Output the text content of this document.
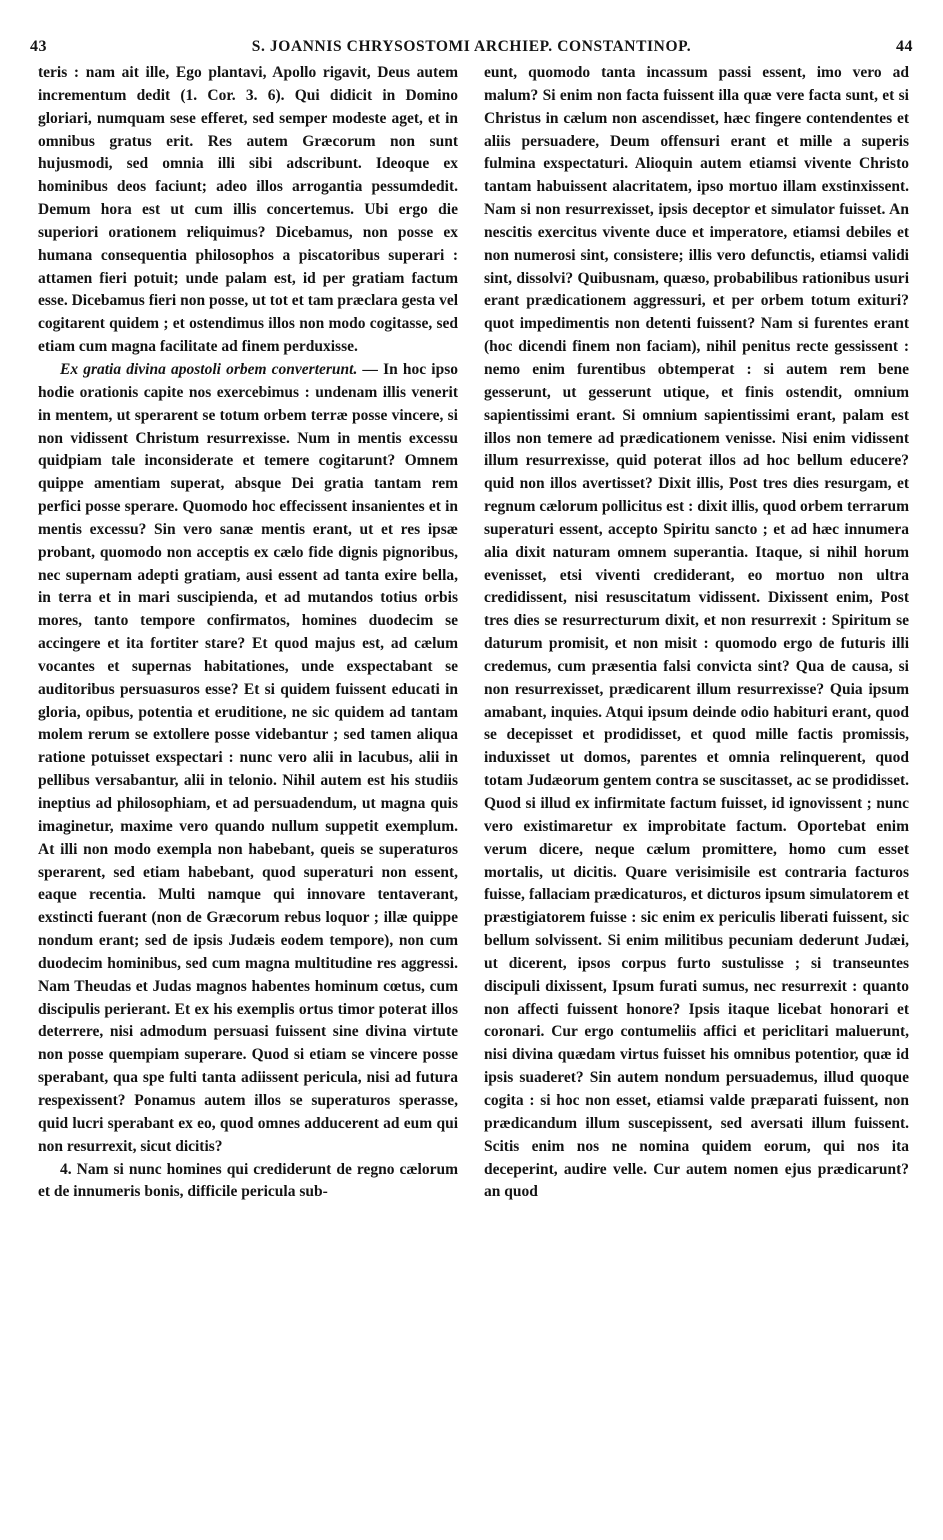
43	S. JOANNIS CHRYSOSTOMI ARCHIEP. CONSTANTINOP.	44

teris : nam ait ille, Ego plantavi, Apollo rigavit, Deus autem incrementum dedit (1. Cor. 3. 6). Qui didicit in Domino gloriari, numquam sese efferet, sed semper modeste aget, et in omnibus gratus erit. Res autem Græcorum non sunt hujusmodi, sed omnia illi sibi adscribunt. Ideoque ex hominibus deos faciunt; adeo illos arrogantia pessumdedit. Demum hora est ut cum illis concertemus. Ubi ergo die superiori orationem reliquimus? Dicebamus, non posse ex humana consequentia philosophos a piscatoribus superari : attamen fieri potuit; unde palam est, id per gratiam factum esse. Dicebamus fieri non posse, ut tot et tam præclara gesta vel cogitarent quidem ; et ostendimus illos non modo cogitasse, sed etiam cum magna facilitate ad finem perduxisse.

Ex gratia divina apostoli orbem converterunt. — In hoc ipso hodie orationis capite nos exercebimus : undenam illis venerit in mentem, ut sperarent se totum orbem terræ posse vincere, si non vidissent Christum resurrexisse. Num in mentis excessu quidpiam tale inconsiderate et temere cogitarunt? Omnem quippe amentiam superat, absque Dei gratia tantam rem perfici posse sperare. Quomodo hoc effecissent insanientes et in mentis excessu? Sin vero sanæ mentis erant, ut et res ipsæ probant, quomodo non acceptis ex cælo fide dignis pignoribus, nec supernam adepti gratiam, ausi essent ad tanta exire bella, in terra et in mari suscipienda, et ad mutandos totius orbis mores, tanto tempore confirmatos, homines duodecim se accingere et ita fortiter stare? Et quod majus est, ad cælum vocantes et supernas habitationes, unde exspectabant se auditoribus persuasuros esse? Et si quidem fuissent educati in gloria, opibus, potentia et eruditione, ne sic quidem ad tantam molem rerum se extollere posse videbantur ; sed tamen aliqua ratione potuisset exspectari : nunc vero alii in lacubus, alii in pellibus versabantur, alii in telonio. Nihil autem est his studiis ineptius ad philosophiam, et ad persuadendum, ut magna quis imaginetur, maxime vero quando nullum suppetit exemplum. At illi non modo exempla non habebant, queis se superaturos sperarent, sed etiam habebant, quod superaturi non essent, eaque recentia. Multi namque qui innovare tentaverant, exstincti fuerant (non de Græcorum rebus loquor ; illæ quippe nondum erant; sed de ipsis Judæis eodem tempore), non cum duodecim hominibus, sed cum magna multitudine res aggressi. Nam Theudas et Judas magnos habentes hominum cœtus, cum discipulis perierant. Et ex his exemplis ortus timor poterat illos deterrere, nisi admodum persuasi fuissent sine divina virtute non posse quempiam superare. Quod si etiam se vincere posse sperabant, qua spe fulti tanta adiissent pericula, nisi ad futura respexissent? Ponamus autem illos se superaturos sperasse, quid lucri sperabant ex eo, quod omnes adducerent ad eum qui non resurrexit, sicut dicitis?

4. Nam si nunc homines qui crediderunt de regno cælorum et de innumeris bonis, difficile pericula sub-

eunt, quomodo tanta incassum passi essent, imo vero ad malum? Si enim non facta fuissent illa quæ vere facta sunt, et si Christus in cælum non ascendisset, hæc fingere contendentes et aliis persuadere, Deum offensuri erant et mille a superis fulmina exspectaturi. Alioquin autem etiamsi vivente Christo tantam habuissent alacritatem, ipso mortuo illam exstinxissent. Nam si non resurrexisset, ipsis deceptor et simulator fuisset. An nescitis exercitus vivente duce et imperatore, etiamsi debiles et non numerosi sint, consistere; illis vero defunctis, etiamsi validi sint, dissolvi? Quibusnam, quæso, probabilibus rationibus usuri erant prædicationem aggressuri, et per orbem totum exituri? quot impedimentis non detenti fuissent? Nam si furentes erant (hoc dicendi finem non faciam), nihil penitus recte gessissent : nemo enim furentibus obtemperat : si autem rem bene gesserunt, ut gesserunt utique, et finis ostendit, omnium sapientissimi erant. Si omnium sapientissimi erant, palam est illos non temere ad prædicationem venisse. Nisi enim vidissent illum resurrexisse, quid poterat illos ad hoc bellum educere? quid non illos avertisset? Dixit illis, Post tres dies resurgam, et regnum cælorum pollicitus est : dixit illis, quod orbem terrarum superaturi essent, accepto Spiritu sancto ; et ad hæc innumera alia dixit naturam omnem superantia. Itaque, si nihil horum evenisset, etsi viventi crediderant, eo mortuo non ultra credidissent, nisi resuscitatum vidissent. Dixissent enim, Post tres dies se resurrecturum dixit, et non resurrexit : Spiritum se daturum promisit, et non misit : quomodo ergo de futuris illi credemus, cum præsentia falsi convicta sint? Qua de causa, si non resurrexisset, prædicarent illum resurrexisse? Quia ipsum amabant, inquies. Atqui ipsum deinde odio habituri erant, quod se decepisset et prodidisset, et quod mille factis promissis, induxisset ut domos, parentes et omnia relinquerent, quod totam Judæorum gentem contra se suscitasset, ac se prodidisset. Quod si illud ex infirmitate factum fuisset, id ignovissent ; nunc vero existimaretur ex improbitate factum. Oportebat enim verum dicere, neque cælum promittere, homo cum esset mortalis, ut dicitis. Quare verisimisile est contraria facturos fuisse, fallaciam prædicaturos, et dicturos ipsum simulatorem et præstigiatorem fuisse : sic enim ex periculis liberati fuissent, sic bellum solvissent. Si enim militibus pecuniam dederunt Judæi, ut dicerent, ipsos corpus furto sustulisse ; si transeuntes discipuli dixissent, Ipsum furati sumus, nec resurrexit : quanto non affecti fuissent honore? Ipsis itaque licebat honorari et coronari. Cur ergo contumeliis affici et periclitari maluerunt, nisi divina quædam virtus fuisset his omnibus potentior, quæ id ipsis suaderet? Sin autem nondum persuademus, illud quoque cogita : si hoc non esset, etiamsi valde præparati fuissent, non prædicandum illum suscepissent, sed aversati illum fuissent. Scitis enim nos ne nomina quidem eorum, qui nos ita deceperint, audire velle. Cur autem nomen ejus prædicarunt? an quod
